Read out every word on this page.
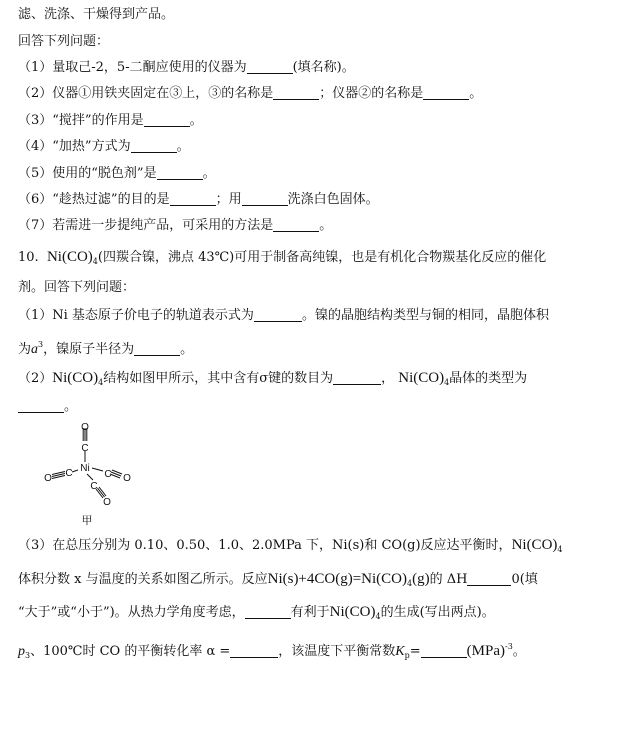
滤、洗涤、干燥得到产品。
回答下列问题：
（1）量取己-2，5-二酮应使用的仪器为	(填名称)。
（2）仪器①用铁夹固定在③上，③的名称是	；仪器②的名称是	。
（3）“搅拌”的作用是	。
（4）“加热”方式为	。
（5）使用的“脱色剂”是	。
（6）“趁热过滤”的目的是	；用	洗涤白色固体。
（7）若需进一步提纯产品，可采用的方法是	。
10. $Ni(CO)_4$(四羰合镍，沸点 43℃)可用于制备高纯镍，也是有机化合物羰基化反应的催化
剂。回答下列问题：
（1）Ni 基态原子价电子的轨道表示式为	。镍的晶胞结构类型与铜的相同，晶胞体积
为$a^3$，镍原子半径为	。
$(2)Ni(CO)_4$结构如图甲所示，其中含有σ键的数目为	， $Ni(CO)_4$晶体的类型为
。
O
C
Ni
O C	C O
C
O
甲
（3）在总压分别为 0.10、0.50、1.0、2.0MPa 下，Ni(s)和 CO(g)反应达平衡时，$Ni(CO)_4$
体积分数 x 与温度的关系如图乙所示。反应$Ni(s)+4CO(g)=Ni(CO)_4(g)$的 ΔH	0(填
“大于”或“小于”)。从热力学角度考虑，	有利于$Ni(CO)_4$的生成(写出两点)。
$p_3$、100℃时 CO 的平衡转化率 α =	，该温度下平衡常数$K_p=$	(MPa)$^{-3}$。
